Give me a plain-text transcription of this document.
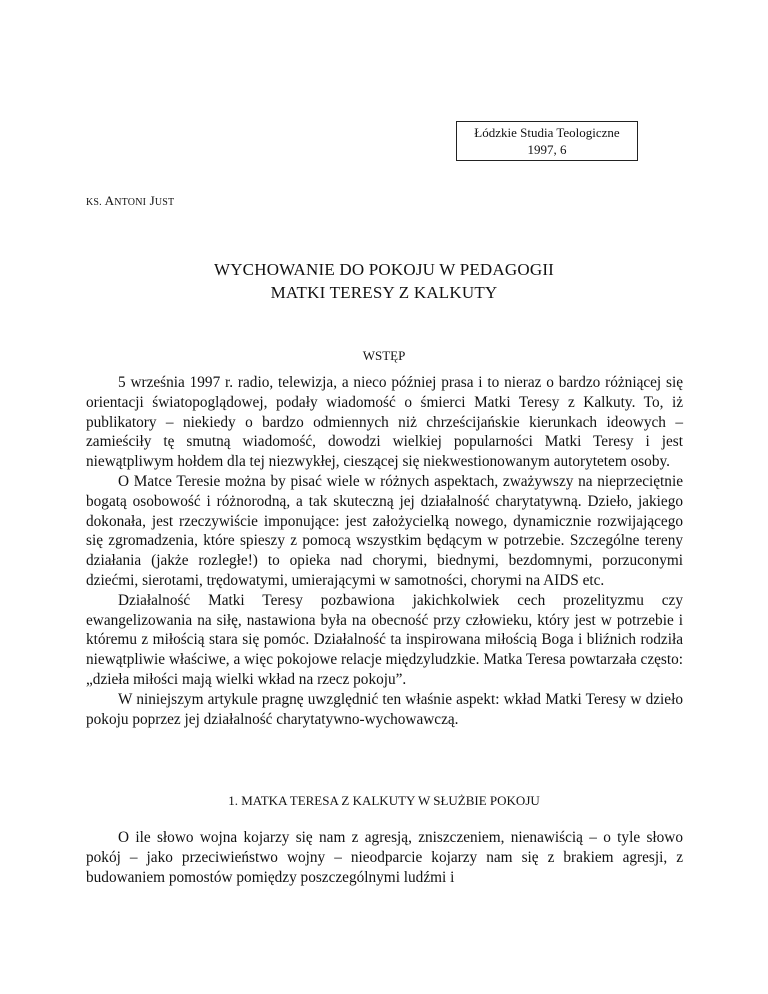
Łódzkie Studia Teologiczne
1997, 6
KS. ANTONI JUST
WYCHOWANIE DO POKOJU W PEDAGOGII
MATKI TERESY Z KALKUTY
WSTĘP

5 września 1997 r. radio, telewizja, a nieco później prasa i to nieraz o bardzo różniącej się orientacji światopoglądowej, podały wiadomość o śmierci Matki Teresy z Kalkuty. To, iż publikatory – niekiedy o bardzo odmiennych niż chrześcijańskie kierunkach ideowych – zamieściły tę smutną wiadomość, dowodzi wielkiej popularności Matki Teresy i jest niewątpliwym hołdem dla tej niezwykłej, cieszącej się niekwestionowanym autorytetem osoby.

O Matce Teresie można by pisać wiele w różnych aspektach, zważywszy na nieprzeciętnie bogatą osobowość i różnorodną, a tak skuteczną jej działalność charytatywną. Dzieło, jakiego dokonała, jest rzeczywiście imponujące: jest założycielką nowego, dynamicznie rozwijającego się zgromadzenia, które spieszy z pomocą wszystkim będącym w potrzebie. Szczególne tereny działania (jakże rozległe!) to opieka nad chorymi, biednymi, bezdomnymi, porzuconymi dziećmi, sierotami, trędowatymi, umierającymi w samotności, chorymi na AIDS etc.

Działalność Matki Teresy pozbawiona jakichkolwiek cech prozelityzmu czy ewangelizowania na siłę, nastawiona była na obecność przy człowieku, który jest w potrzebie i któremu z miłością stara się pomóc. Działalność ta inspirowana miłością Boga i bliźnich rodziła niewątpliwie właściwe, a więc pokojowe relacje międzyludzkie. Matka Teresa powtarzała często: „dzieła miłości mają wielki wkład na rzecz pokoju”.

W niniejszym artykule pragnę uwzględnić ten właśnie aspekt: wkład Matki Teresy w dzieło pokoju poprzez jej działalność charytatywno-wychowawczą.

1. MATKA TERESA Z KALKUTY W SŁUŻBIE POKOJU

O ile słowo wojna kojarzy się nam z agresją, zniszczeniem, nienawiścią – o tyle słowo pokój – jako przeciwieństwo wojny – nieodparcie kojarzy nam się z brakiem agresji, z budowaniem pomostów pomiędzy poszczególnymi ludźmi i
